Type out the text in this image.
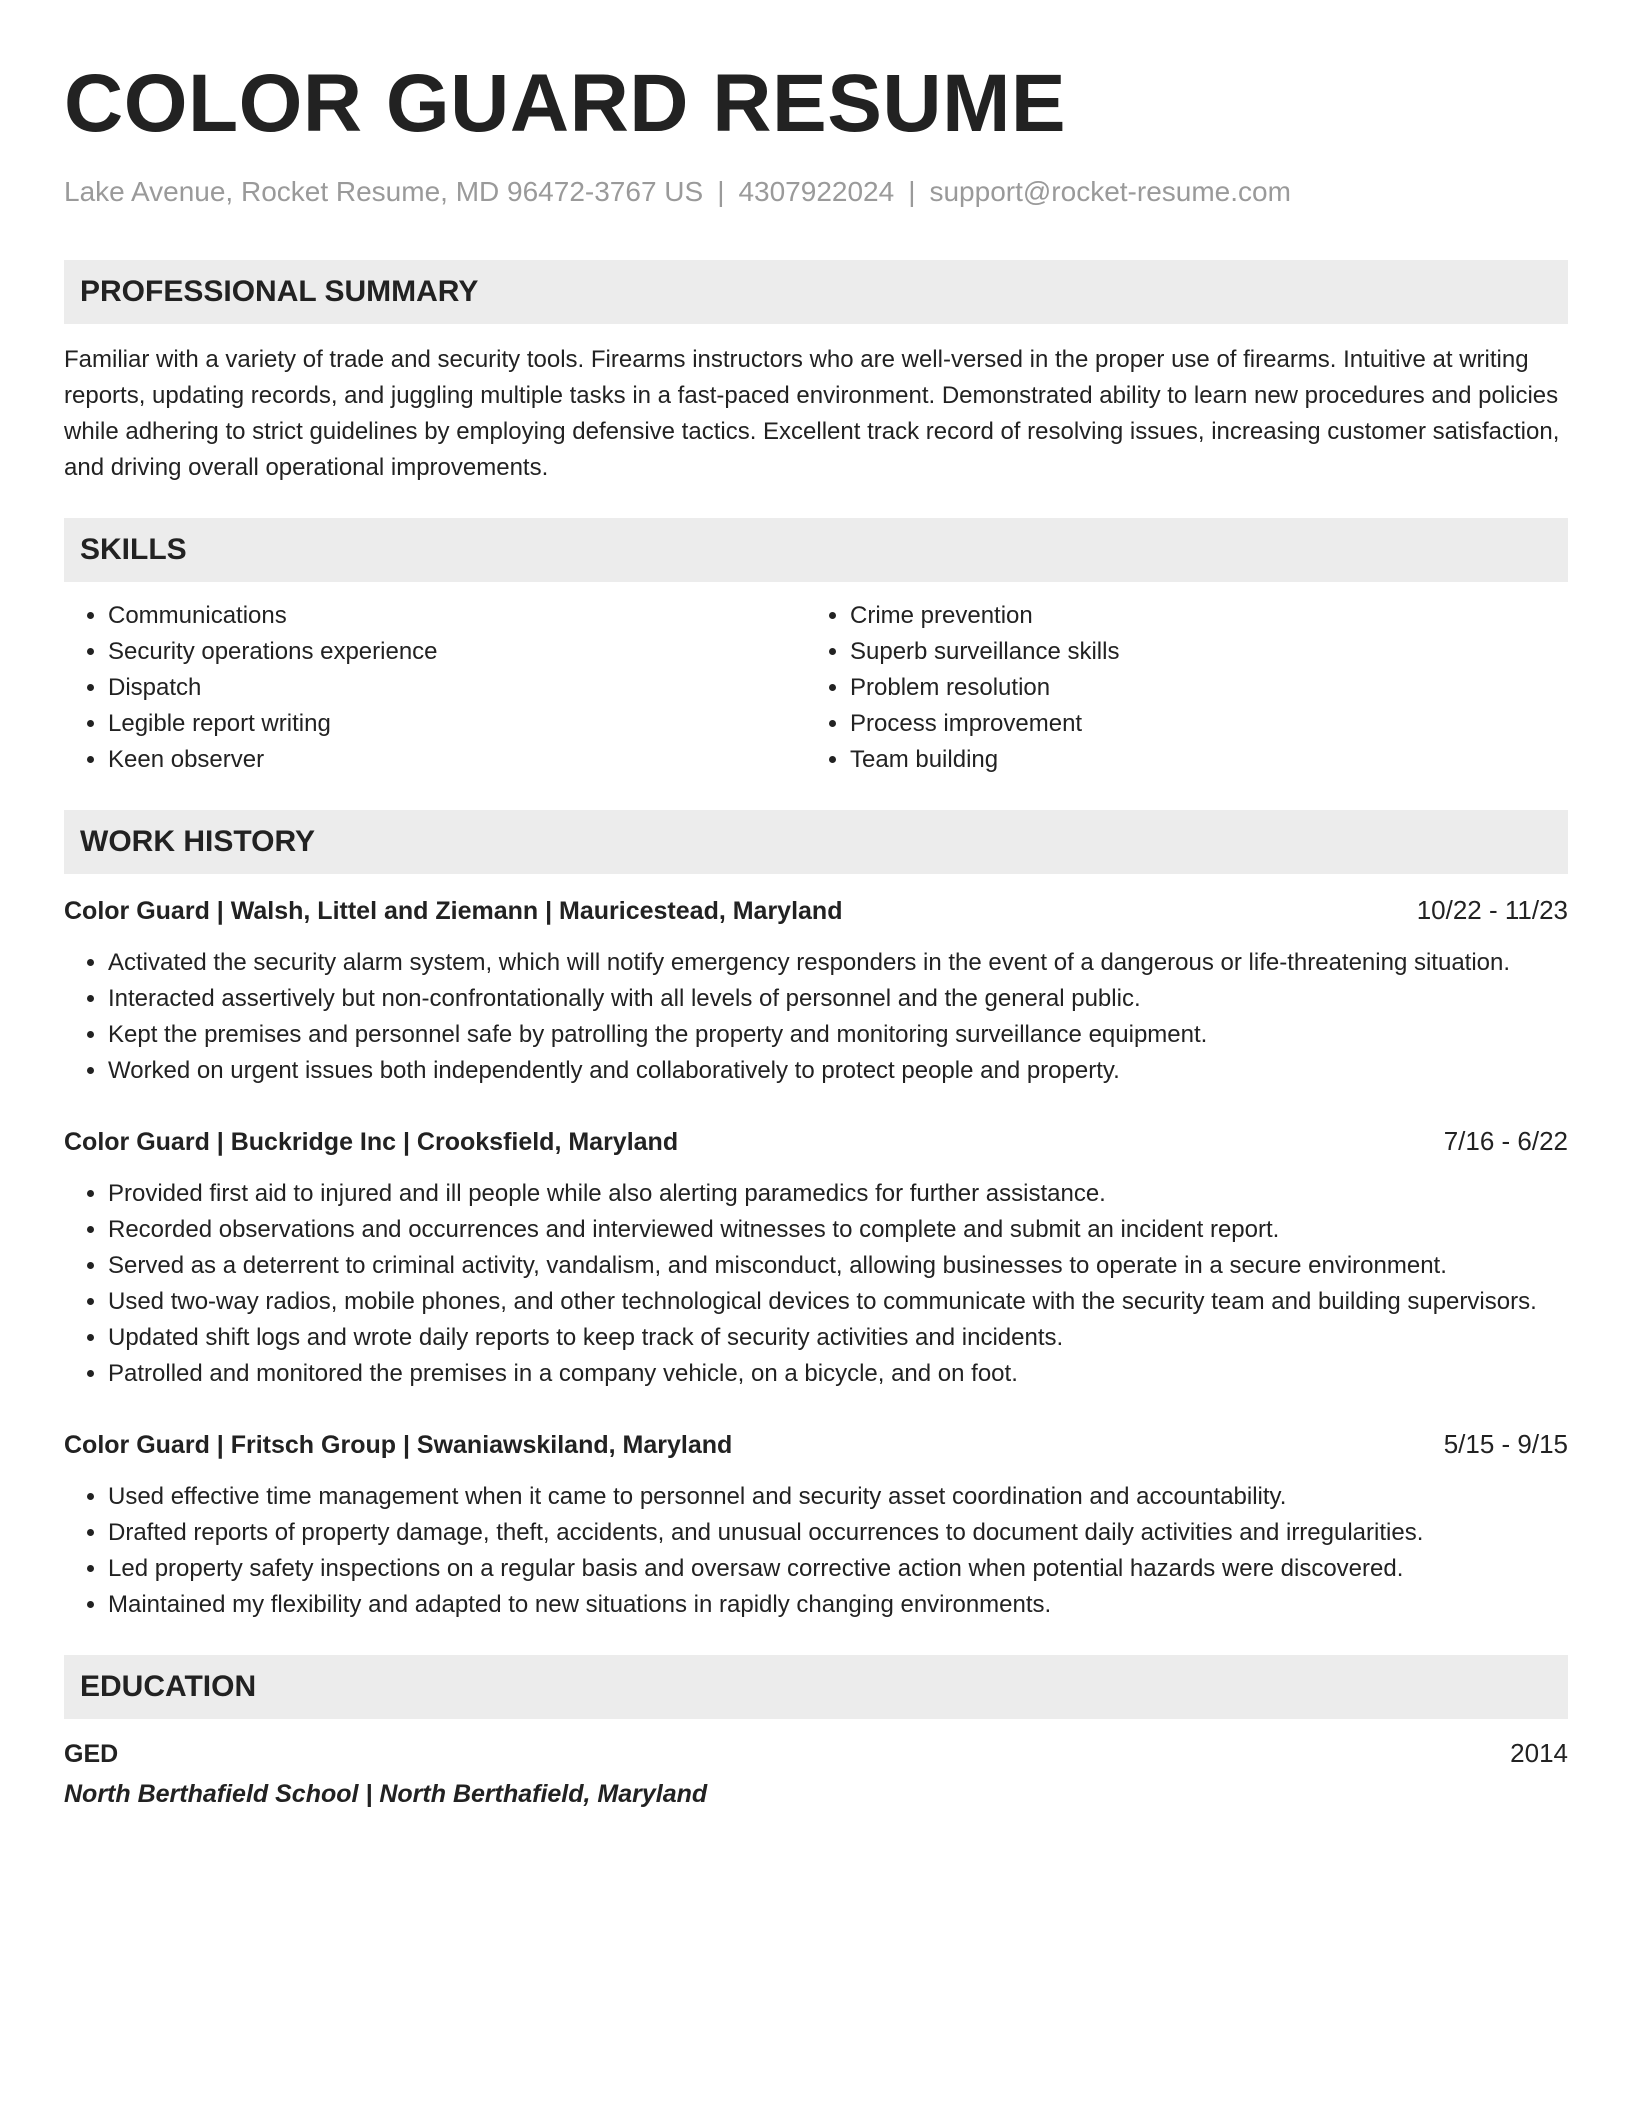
COLOR GUARD RESUME
Lake Avenue, Rocket Resume, MD 96472-3767 US | 4307922024 | support@rocket-resume.com
PROFESSIONAL SUMMARY
Familiar with a variety of trade and security tools. Firearms instructors who are well-versed in the proper use of firearms. Intuitive at writing reports, updating records, and juggling multiple tasks in a fast-paced environment. Demonstrated ability to learn new procedures and policies while adhering to strict guidelines by employing defensive tactics. Excellent track record of resolving issues, increasing customer satisfaction, and driving overall operational improvements.
SKILLS
• Communications
• Security operations experience
• Dispatch
• Legible report writing
• Keen observer
• Crime prevention
• Superb surveillance skills
• Problem resolution
• Process improvement
• Team building
WORK HISTORY
Color Guard | Walsh, Littel and Ziemann | Mauricestead, Maryland	10/22 - 11/23
• Activated the security alarm system, which will notify emergency responders in the event of a dangerous or life-threatening situation.
• Interacted assertively but non-confrontationally with all levels of personnel and the general public.
• Kept the premises and personnel safe by patrolling the property and monitoring surveillance equipment.
• Worked on urgent issues both independently and collaboratively to protect people and property.
Color Guard | Buckridge Inc | Crooksfield, Maryland	7/16 - 6/22
• Provided first aid to injured and ill people while also alerting paramedics for further assistance.
• Recorded observations and occurrences and interviewed witnesses to complete and submit an incident report.
• Served as a deterrent to criminal activity, vandalism, and misconduct, allowing businesses to operate in a secure environment.
• Used two-way radios, mobile phones, and other technological devices to communicate with the security team and building supervisors.
• Updated shift logs and wrote daily reports to keep track of security activities and incidents.
• Patrolled and monitored the premises in a company vehicle, on a bicycle, and on foot.
Color Guard | Fritsch Group | Swaniawskiland, Maryland	5/15 - 9/15
• Used effective time management when it came to personnel and security asset coordination and accountability.
• Drafted reports of property damage, theft, accidents, and unusual occurrences to document daily activities and irregularities.
• Led property safety inspections on a regular basis and oversaw corrective action when potential hazards were discovered.
• Maintained my flexibility and adapted to new situations in rapidly changing environments.
EDUCATION
GED	2014
North Berthafield School | North Berthafield, Maryland
